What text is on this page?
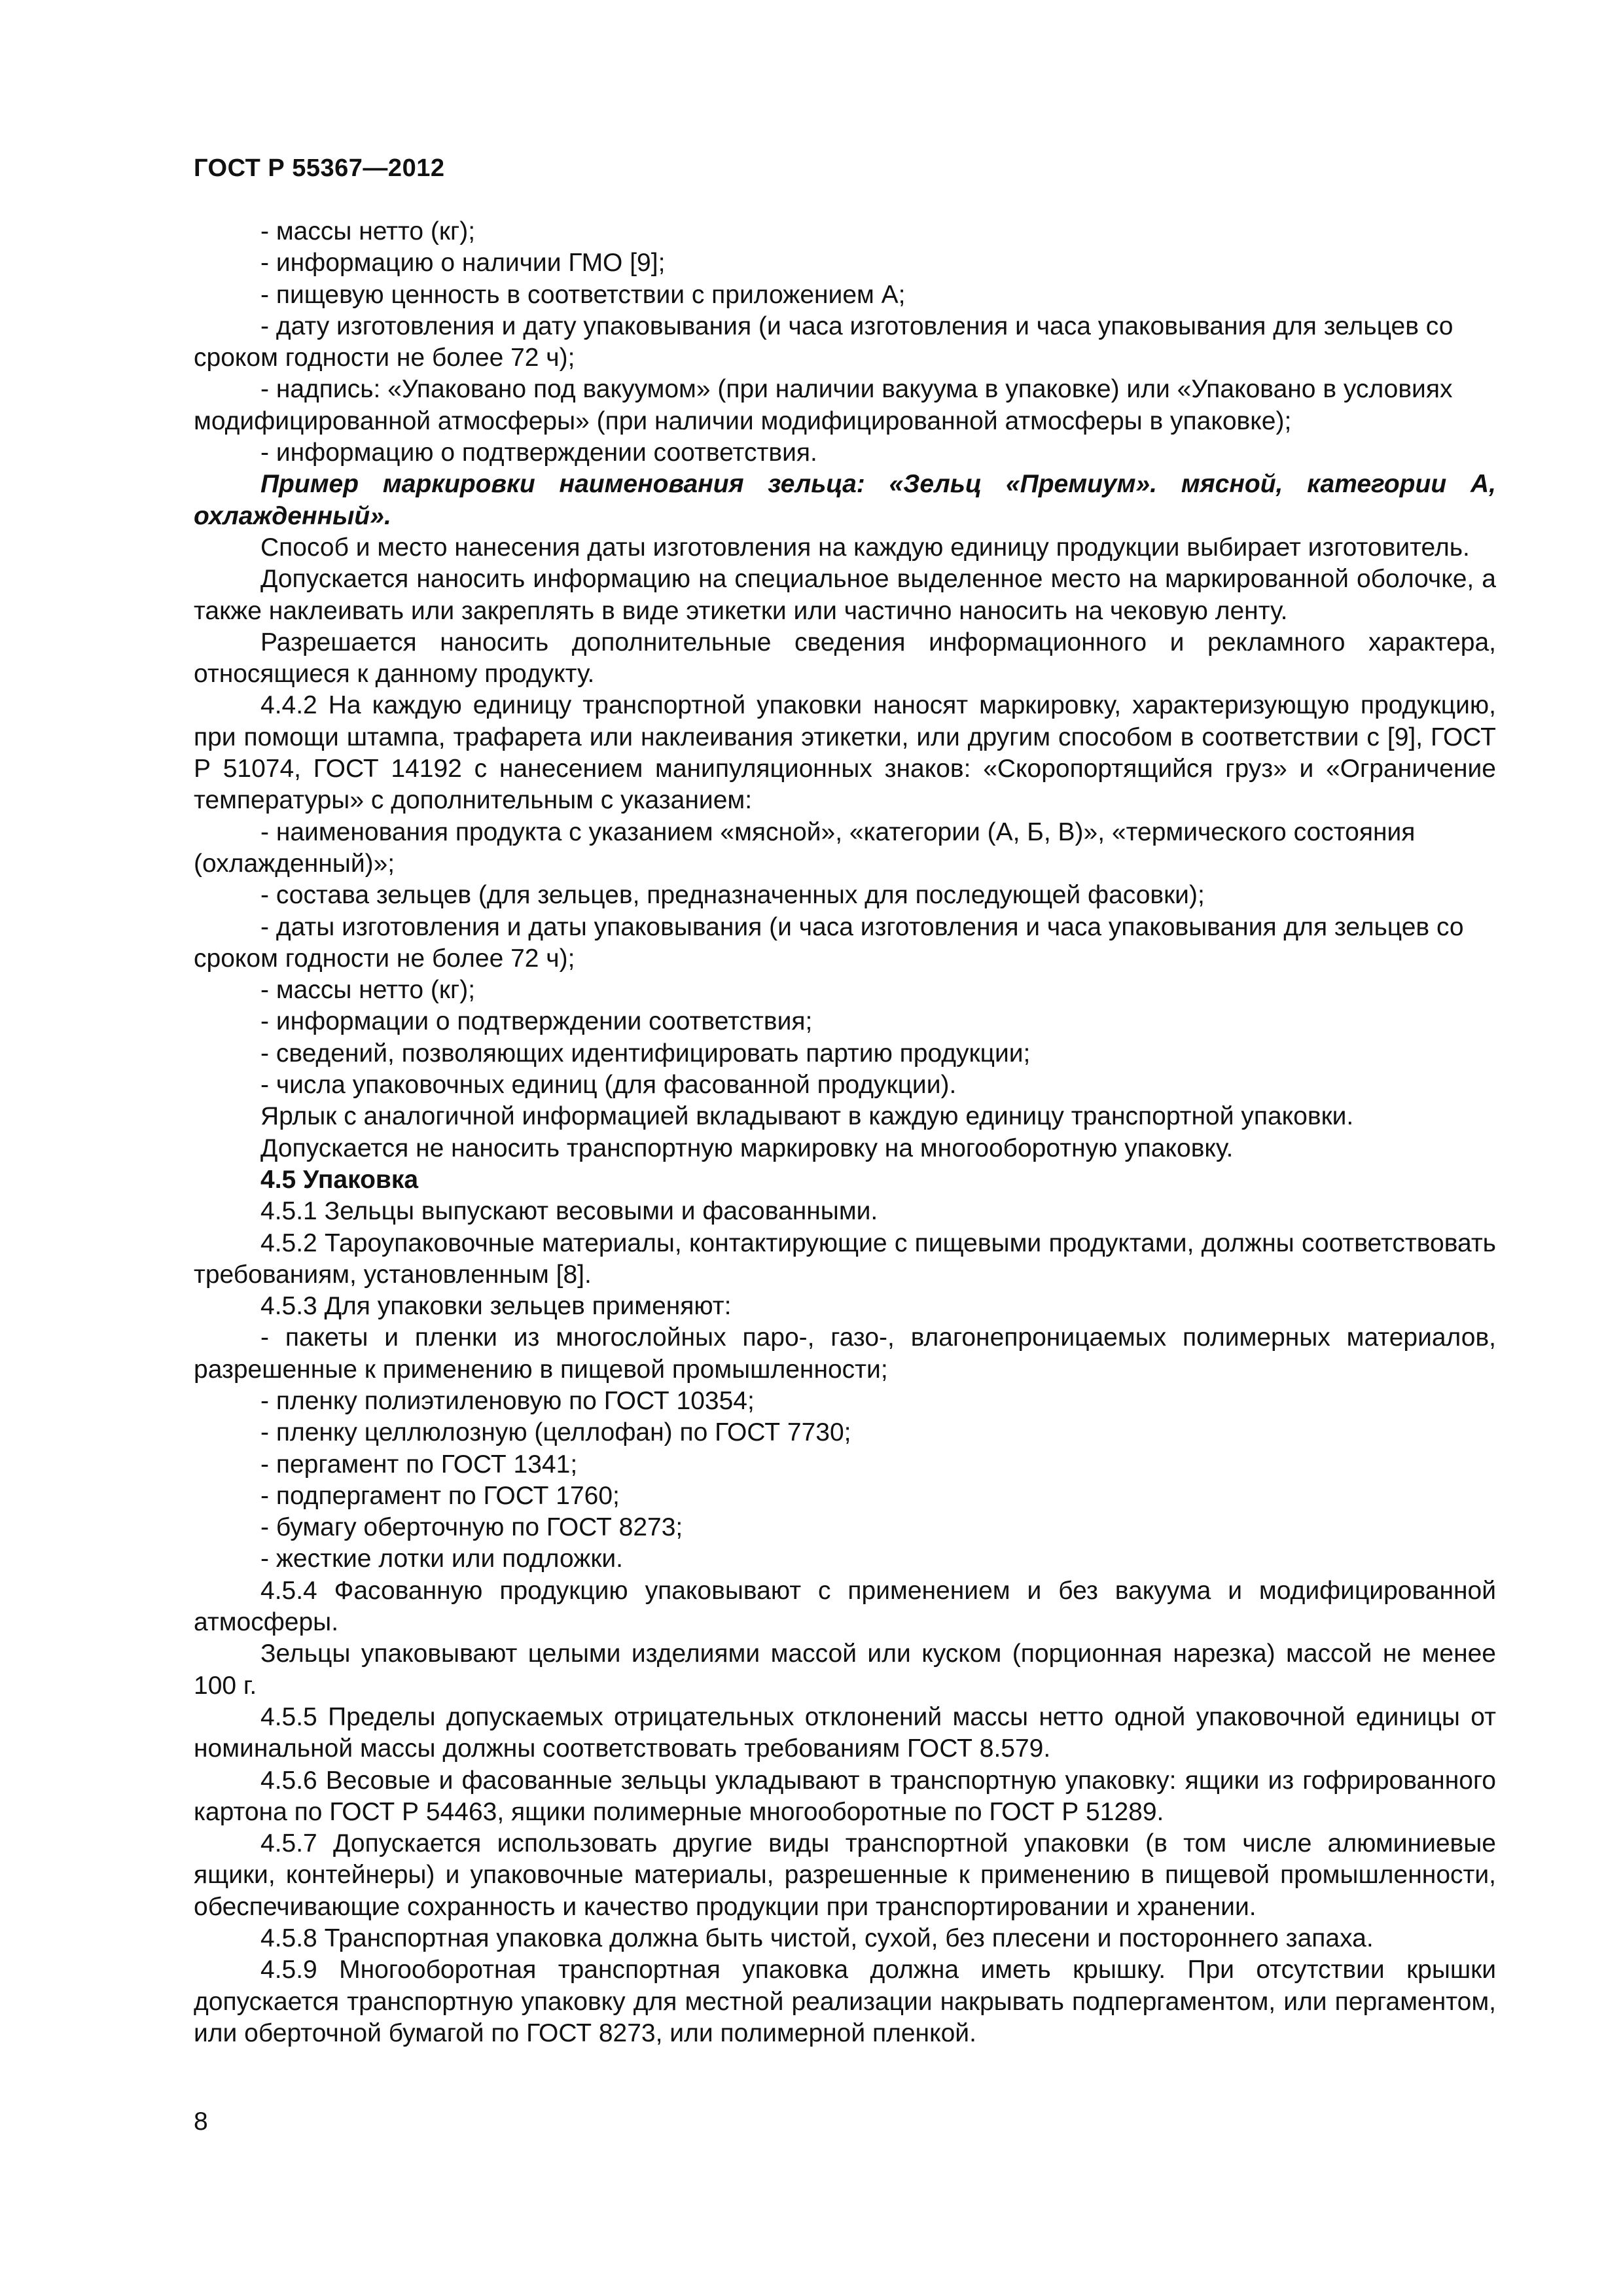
ГОСТ Р 55367—2012

- массы нетто (кг);

- информацию о наличии ГМО [9];

- пищевую ценность в соответствии с приложением А;

- дату изготовления и дату упаковывания (и часа изготовления и часа упаковывания для зельцев со сроком годности не более 72 ч);

- надпись: «Упаковано под вакуумом» (при наличии вакуума в упаковке) или «Упаковано в условиях модифицированной атмосферы» (при наличии модифицированной атмосферы в упаковке);

- информацию о подтверждении соответствия.

Пример маркировки наименования зельца: «Зельц «Премиум». мясной, категории А, охлажденный».

Способ и место нанесения даты изготовления на каждую единицу продукции выбирает изготовитель.

Допускается наносить информацию на специальное выделенное место на маркированной оболочке, а также наклеивать или закреплять в виде этикетки или частично наносить на чековую ленту.

Разрешается наносить дополнительные сведения информационного и рекламного характера, относящиеся к данному продукту.

4.4.2 На каждую единицу транспортной упаковки наносят маркировку, характеризующую продукцию, при помощи штампа, трафарета или наклеивания этикетки, или другим способом в соответствии с [9], ГОСТ Р 51074, ГОСТ 14192 с нанесением манипуляционных знаков: «Скоропортящийся груз» и «Ограничение температуры» с дополнительным с указанием:

- наименования продукта с указанием «мясной», «категории (А, Б, В)», «термического состояния (охлажденный)»;

- состава зельцев (для зельцев, предназначенных для последующей фасовки);

- даты изготовления и даты упаковывания (и часа изготовления и часа упаковывания для зельцев со сроком годности не более 72 ч);

- массы нетто (кг);

- информации о подтверждении соответствия;

- сведений, позволяющих идентифицировать партию продукции;

- числа упаковочных единиц (для фасованной продукции).

Ярлык с аналогичной информацией вкладывают в каждую единицу транспортной упаковки.

Допускается не наносить транспортную маркировку на многооборотную упаковку.

4.5 Упаковка

4.5.1 Зельцы выпускают весовыми и фасованными.

4.5.2 Тароупаковочные материалы, контактирующие с пищевыми продуктами, должны соответствовать требованиям, установленным [8].

4.5.3 Для упаковки зельцев применяют:

- пакеты и пленки из многослойных паро-, газо-, влагонепроницаемых полимерных материалов, разрешенные к применению в пищевой промышленности;

- пленку полиэтиленовую по ГОСТ 10354;

- пленку целлюлозную (целлофан) по ГОСТ 7730;

- пергамент по ГОСТ 1341;

- подпергамент по ГОСТ 1760;

- бумагу оберточную по ГОСТ 8273;

- жесткие лотки или подложки.

4.5.4 Фасованную продукцию упаковывают с применением и без вакуума и модифицированной атмосферы.

Зельцы упаковывают целыми изделиями массой или куском (порционная нарезка) массой не менее 100 г.

4.5.5 Пределы допускаемых отрицательных отклонений массы нетто одной упаковочной единицы от номинальной массы должны соответствовать требованиям ГОСТ 8.579.

4.5.6 Весовые и фасованные зельцы укладывают в транспортную упаковку: ящики из гофрированного картона по ГОСТ Р 54463, ящики полимерные многооборотные по ГОСТ Р 51289.

4.5.7 Допускается использовать другие виды транспортной упаковки (в том числе алюминиевые ящики, контейнеры) и упаковочные материалы, разрешенные к применению в пищевой промышленности, обеспечивающие сохранность и качество продукции при транспортировании и хранении.

4.5.8 Транспортная упаковка должна быть чистой, сухой, без плесени и постороннего запаха.

4.5.9 Многооборотная транспортная упаковка должна иметь крышку. При отсутствии крышки допускается транспортную упаковку для местной реализации накрывать подпергаментом, или пергаментом, или оберточной бумагой по ГОСТ 8273, или полимерной пленкой.

8
